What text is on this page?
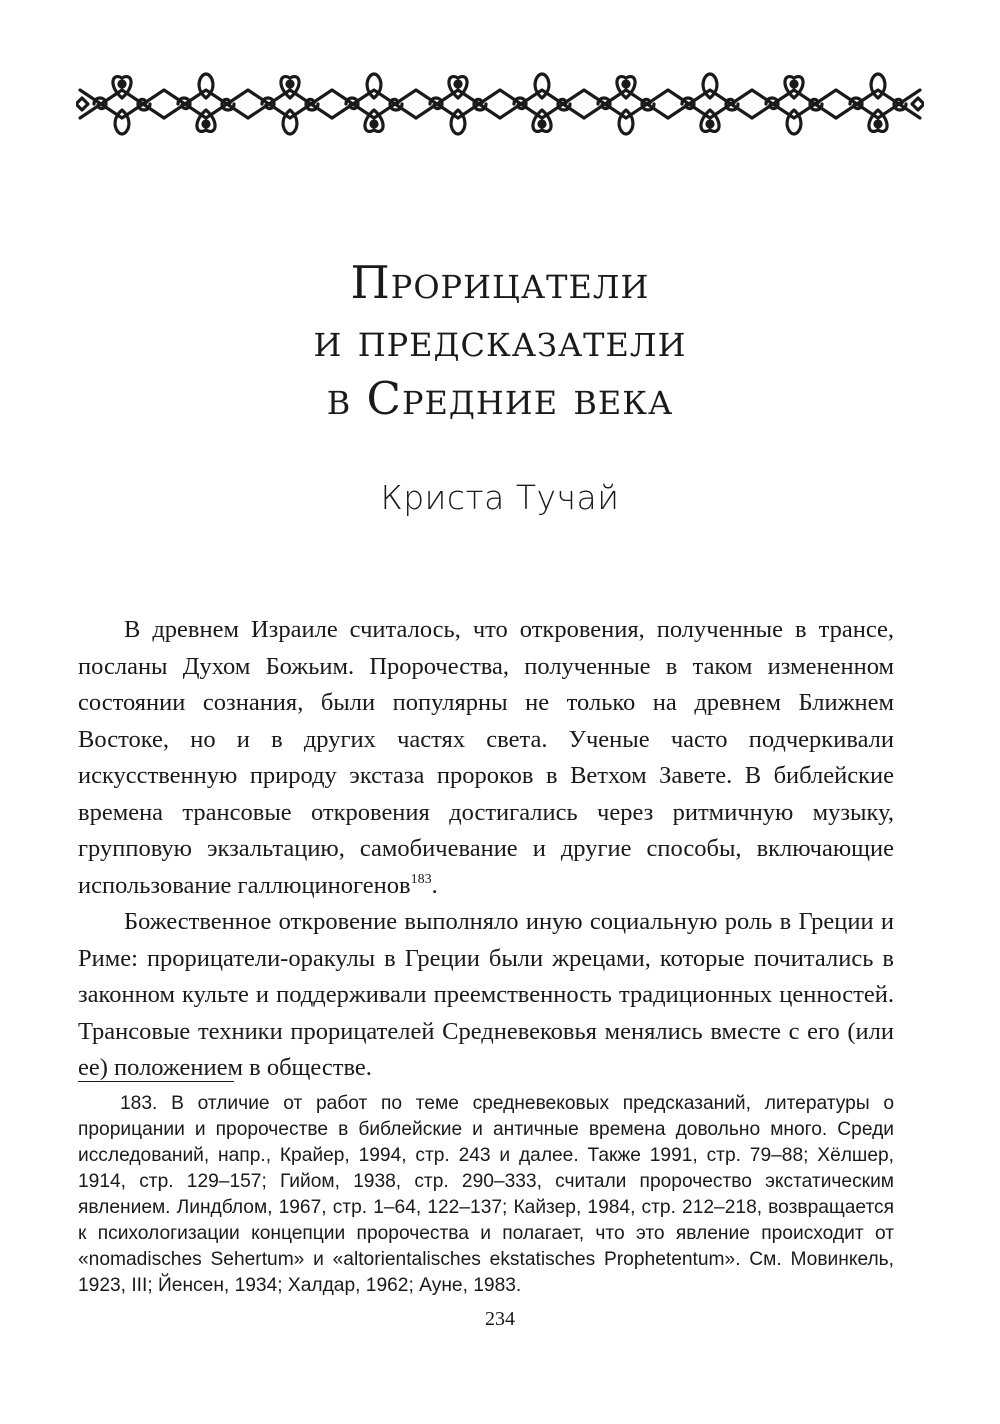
Прорицатели
и предсказатели
в Средние века
Криста Тучай

В древнем Израиле считалось, что откровения, полученные в трансе, посланы Духом Божьим. Пророчества, полученные в таком измененном состоянии сознания, были популярны не только на древнем Ближнем Востоке, но и в других частях света. Ученые часто подчеркивали искусственную природу экстаза пророков в Ветхом Завете. В библейские времена трансовые откровения достигались через ритмичную музыку, групповую экзальтацию, самобичевание и другие способы, включающие использование галлюциногенов$^{183}$.

Божественное откровение выполняло иную социальную роль в Греции и Риме: прорицатели-оракулы в Греции были жрецами, которые почитались в законном культе и поддерживали преемственность традиционных ценностей. Трансовые техники прорицателей Средневековья менялись вместе с его (или ее) положением в обществе.

183. В отличие от работ по теме средневековых предсказаний, литературы о прорицании и пророчестве в библейские и античные времена довольно много. Среди исследований, напр., Крайер, 1994, стр. 243 и далее. Также 1991, стр. 79–88; Хёлшер, 1914, стр. 129–157; Гийом, 1938, стр. 290–333, считали пророчество экстатическим явлением. Линдблом, 1967, стр. 1–64, 122–137; Кайзер, 1984, стр. 212–218, возвращается к психологизации концепции пророчества и полагает, что это явление происходит от «nomadisches Sehertum» и «altorientalisches ekstatisches Prophetentum». См. Мовинкель, 1923, III; Йенсен, 1934; Халдар, 1962; Ауне, 1983.

234
